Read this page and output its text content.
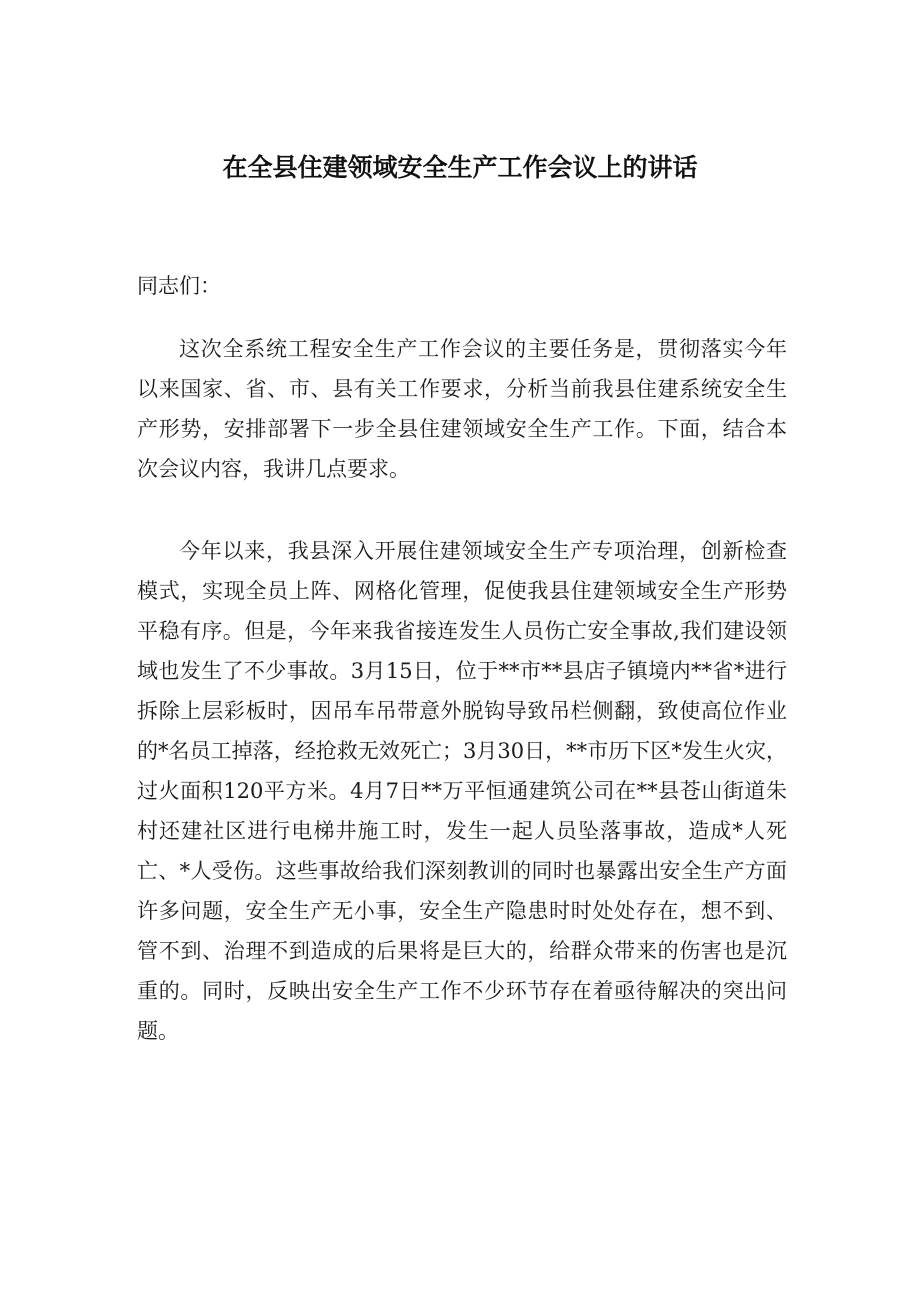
在全县住建领域安全生产工作会议上的讲话
同志们：
这次全系统工程安全生产工作会议的主要任务是，贯彻落实今年以来国家、省、市、县有关工作要求，分析当前我县住建系统安全生产形势，安排部署下一步全县住建领域安全生产工作。下面，结合本次会议内容，我讲几点要求。
今年以来，我县深入开展住建领域安全生产专项治理，创新检查模式，实现全员上阵、网格化管理，促使我县住建领域安全生产形势平稳有序。但是，今年来我省接连发生人员伤亡安全事故,我们建设领域也发生了不少事故。3月15日，位于**市**县店子镇境内**省*进行拆除上层彩板时，因吊车吊带意外脱钩导致吊栏侧翻，致使高位作业的*名员工掉落，经抢救无效死亡；3月30日，**市历下区*发生火灾，过火面积120平方米。4月7日**万平恒通建筑公司在**县苍山街道朱村还建社区进行电梯井施工时，发生一起人员坠落事故，造成*人死亡、*人受伤。这些事故给我们深刻教训的同时也暴露出安全生产方面许多问题，安全生产无小事，安全生产隐患时时处处存在，想不到、管不到、治理不到造成的后果将是巨大的，给群众带来的伤害也是沉重的。同时，反映出安全生产工作不少环节存在着亟待解决的突出问题。
